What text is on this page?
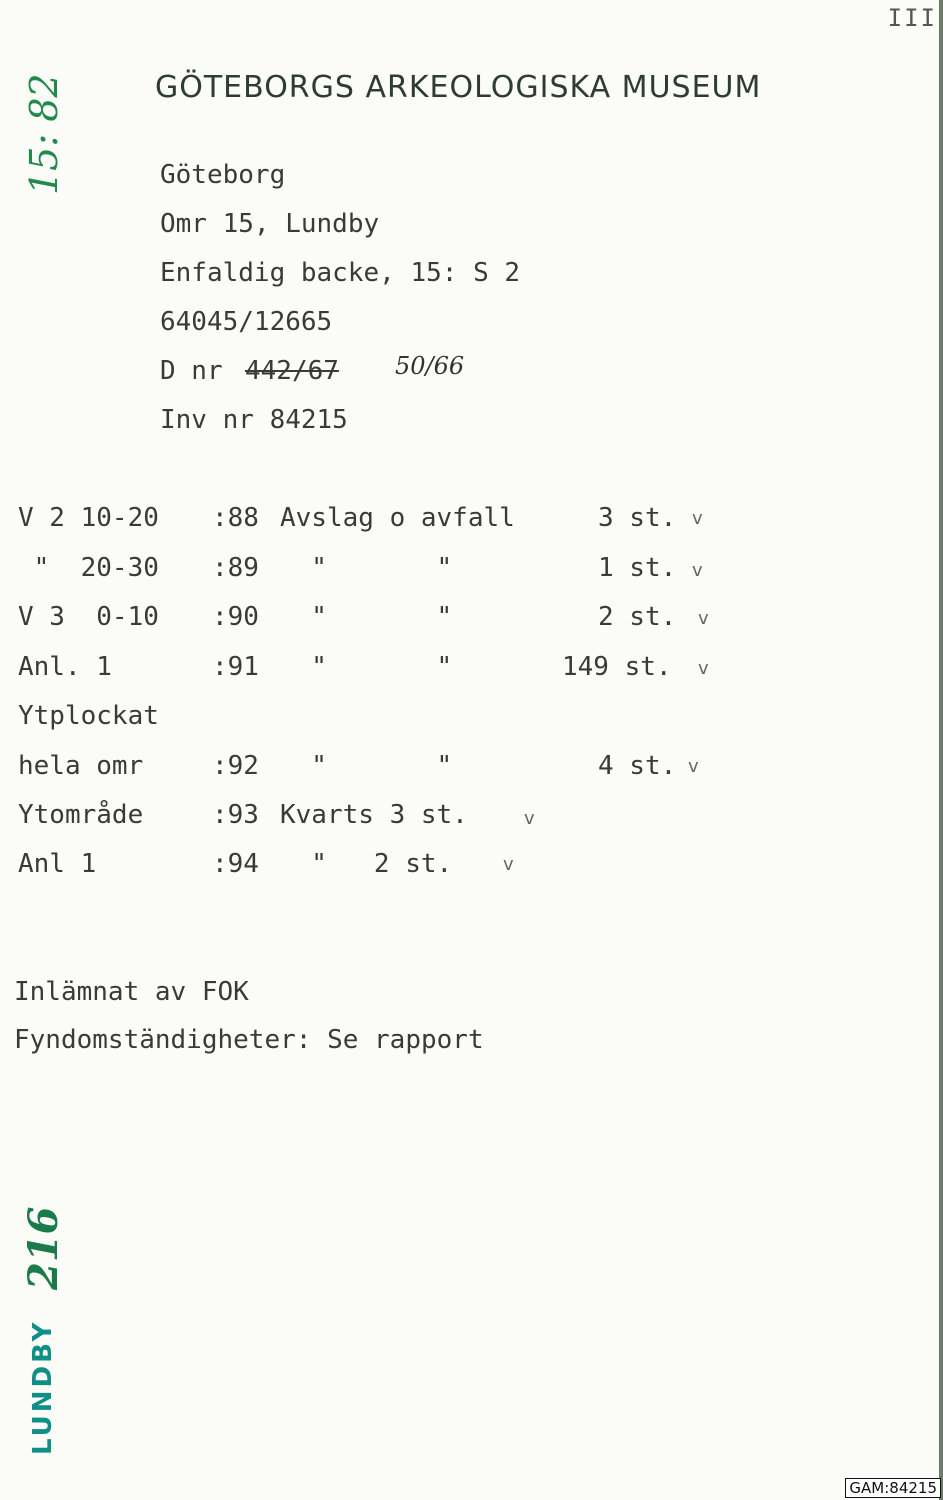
III
15: 82	GÖTEBORGS ARKEOLOGISKA MUSEUM
Göteborg
Omr 15, Lundby
Enfaldig backe, 15: S 2
64045/12665
D nr 442/67 50/66
Inv nr 84215
V 2 10-20 :88 Avslag o avfall	3 st. v
"  20-30 :89 "       "	1 st. v
V 3  0-10 :90 "       "	2 st. v
Anl. 1	:91 "       "	149 st. v
Ytplockat
hela omr	:92 "       "	4 st. v
Ytområde	:93 Kvarts 3 st.	v
Anl 1	:94 "   2 st.	v
Inlämnat av FOK
Fyndomständigheter: Se rapport
216
LUNDBY
GAM:84215
